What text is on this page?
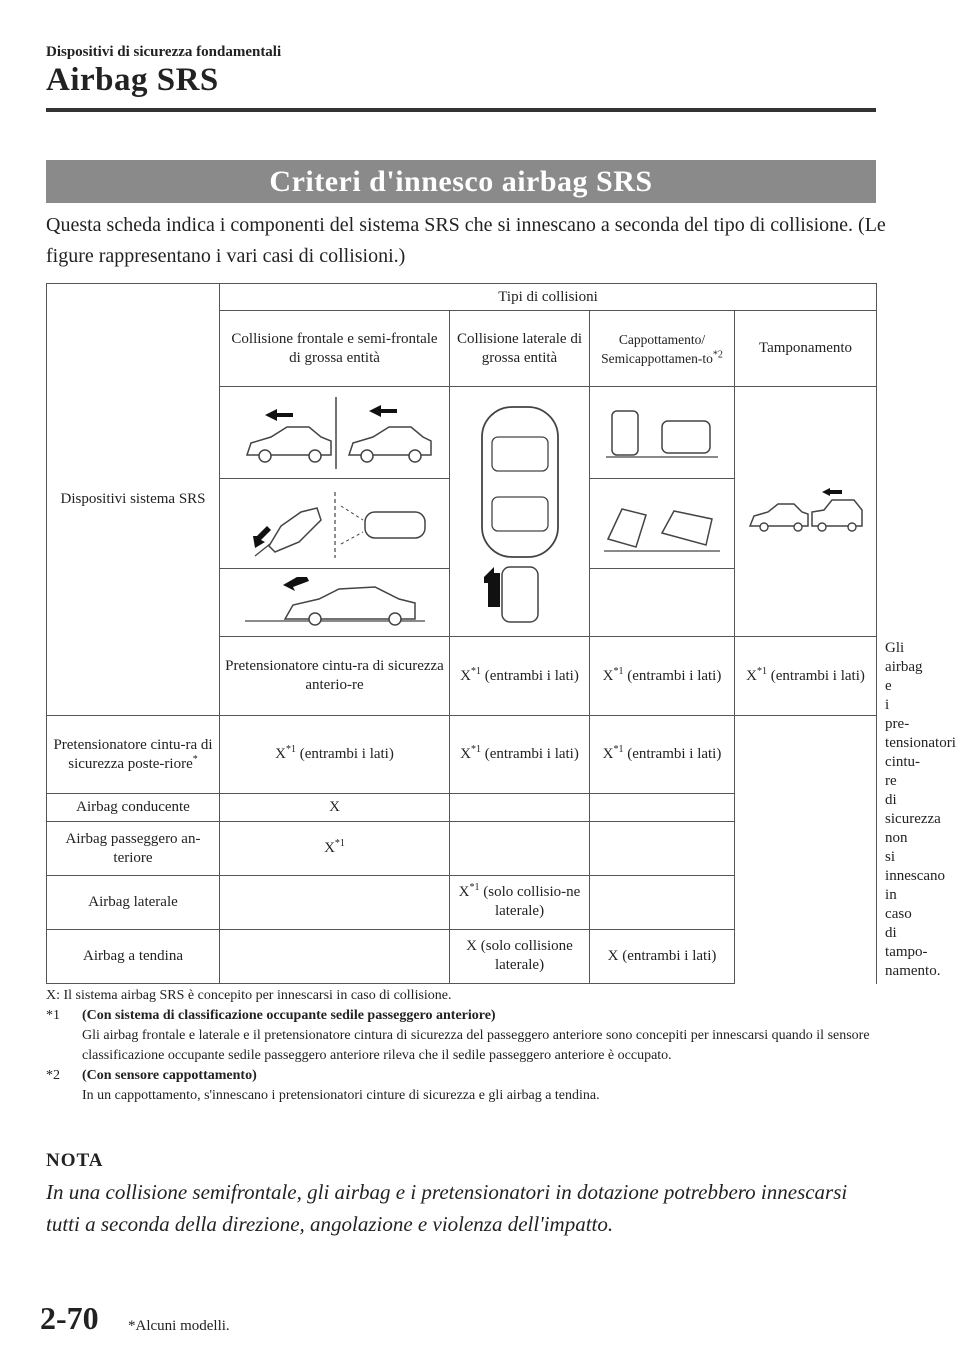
Dispositivi di sicurezza fondamentali
Airbag SRS
Criteri d'innesco airbag SRS
Questa scheda indica i componenti del sistema SRS che si innescano a seconda del tipo di collisione. (Le figure rappresentano i vari casi di collisioni.)
Dispositivi sistema SRS	Tipi di collisioni				
	Collisione frontale e semi-frontale di grossa entità	Collisione laterale di grossa entità	Cappottamento/ Semicappottamen-$to^{*2}$	Tamponamento	

	Pretensionatore cintu-ra di sicurezza anterio-re	$X^{*1}$ (entrambi i lati)	$X^{*1}$ (entrambi i lati)	$X^{*1}$ (entrambi i lati)	Gli airbag e i pre-tensionatori cintu-re di sicurezza non si innescano in caso di tampo-namento.
Pretensionatore cintu-ra di sicurezza poste-riore*	$X^{*1}$ (entrambi i lati)	$X^{*1}$ (entrambi i lati)	$X^{*1}$ (entrambi i lati)		
Airbag conducente	X				
Airbag passeggero an-teriore	$X^{*1}$		
Airbag laterale		$X^{*1}$ (solo collisio-ne laterale)			
Airbag a tendina		X (solo collisione laterale)	X (entrambi i lati)		
X: Il sistema airbag SRS è concepito per innescarsi in caso di collisione.
*1	(Con sistema di classificazione occupante sedile passeggero anteriore)
Gli airbag frontale e laterale e il pretensionatore cintura di sicurezza del passeggero anteriore sono concepiti per innescarsi quando il sensore classificazione occupante sedile passeggero anteriore rileva che il sedile passeggero anteriore è occupato.
*2	(Con sensore cappottamento)
In un cappottamento, s'innescano i pretensionatori cinture di sicurezza e gli airbag a tendina.
NOTA
In una collisione semifrontale, gli airbag e i pretensionatori in dotazione potrebbero innescarsi tutti a seconda della direzione, angolazione e violenza dell'impatto.
2-70 *Alcuni modelli.
